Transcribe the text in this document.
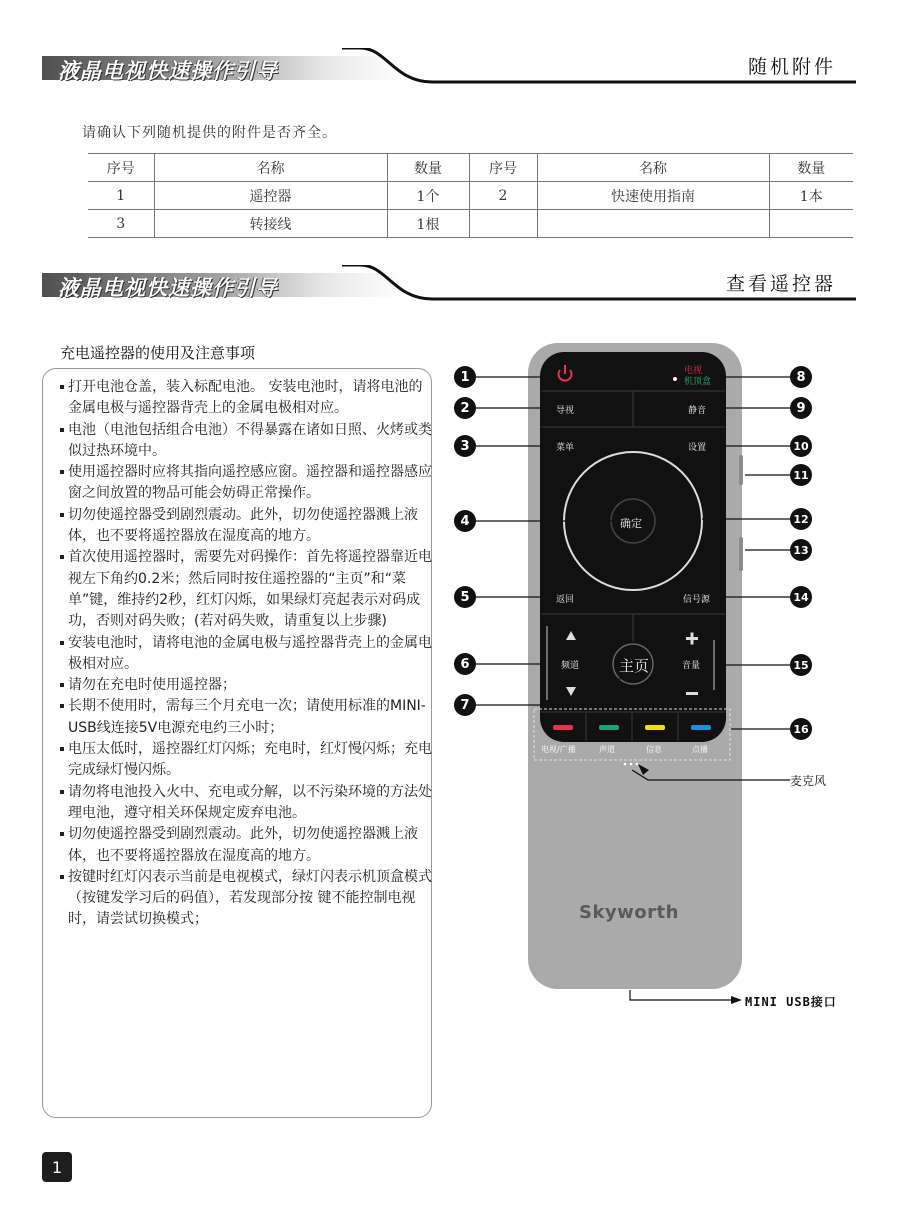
液晶电视快速操作引导	随机附件
请确认下列随机提供的附件是否齐全。
序号	名称	数量	序号	名称	数量
1	遥控器	1个	2	快速使用指南	1本
3	转接线	1根			
液晶电视快速操作引导	查看遥控器
充电遥控器的使用及注意事项
打开电池仓盖，装入标配电池。 安装电池时，请将电池的金属电极与遥控器背壳上的金属电极相对应。
电池（电池包括组合电池）不得暴露在诸如日照、火烤或类似过热环境中。
使用遥控器时应将其指向遥控感应窗。遥控器和遥控器感应窗之间放置的物品可能会妨碍正常操作。
切勿使遥控器受到剧烈震动。此外，切勿使遥控器溅上液体，也不要将遥控器放在湿度高的地方。
首次使用遥控器时，需要先对码操作：首先将遥控器靠近电视左下角约0.2米；然后同时按住遥控器的“主页”和“菜单”键，维持约2秒，红灯闪烁，如果绿灯亮起表示对码成功，否则对码失败；(若对码失败，请重复以上步骤)
安装电池时，请将电池的金属电极与遥控器背壳上的金属电极相对应。
请勿在充电时使用遥控器；
长期不使用时，需每三个月充电一次；请使用标准的MINI-USB线连接5V电源充电约三小时；
电压太低时，遥控器红灯闪烁；充电时，红灯慢闪烁；充电完成绿灯慢闪烁。
请勿将电池投入火中、充电或分解，以不污染环境的方法处理电池，遵守相关环保规定废弃电池。
切勿使遥控器受到剧烈震动。此外，切勿使遥控器溅上液体，也不要将遥控器放在湿度高的地方。
按键时红灯闪表示当前是电视模式，绿灯闪表示机顶盒模式（按键发学习后的码值），若发现部分按 键不能控制电视时，请尝试切换模式；
电视
机顶盒
导视	静音
菜单	设置
确定
返回	信号源
频道	主页	音量
电视/广播	声道	信息	点播
Skyworth
1
2
3
4
5
6
7
8
9
10
11
12
13
14
15
16
麦克风
MINI USB接口
1
